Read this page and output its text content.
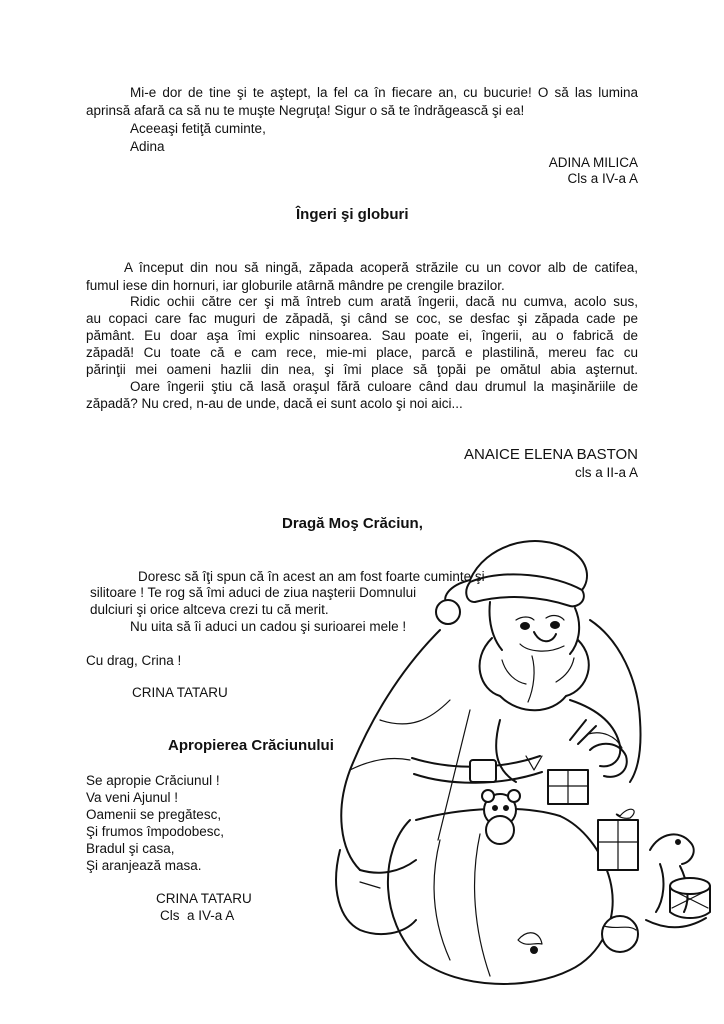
Mi-e dor de tine şi te aştept, la fel ca în fiecare an, cu bucurie! O să las lumina
aprinsă afară ca să nu te muşte Negruţa! Sigur o să te îndrăgească şi ea!
Aceeaşi fetiţă cuminte,
Adina
ADINA MILICA
Cls a IV-a A
Îngeri şi globuri
A început din nou să ningă, zăpada acoperă străzile cu un covor alb de catifea,
fumul iese din hornuri, iar globurile atârnă mândre pe crengile brazilor.
Ridic ochii către cer şi mă întreb cum arată îngerii, dacă nu cumva, acolo sus,
au copaci care fac muguri de zăpadă, şi când se coc, se desfac şi zăpada cade pe
pământ. Eu doar aşa îmi explic ninsoarea. Sau poate ei, îngerii, au o fabrică de
zăpadă! Cu toate că e cam rece, mie-mi place, parcă e plastilină, mereu fac cu
părinţii mei oameni hazlii din nea, şi îmi place să ţopăi pe omătul abia aşternut.
Oare îngerii ştiu că lasă oraşul fără culoare când dau drumul la maşinăriile de
zăpadă? Nu cred, n-au de unde, dacă ei sunt acolo şi noi aici...
ANAICE ELENA BASTON
cls a II-a A
Dragă Moş Crăciun,
Doresc să îţi spun că în acest an am fost foarte cuminte şi
silitoare ! Te rog să îmi aduci de ziua naşterii Domnului
dulciuri şi orice altceva crezi tu că merit.
Nu uita să îi aduci un cadou şi surioarei mele !
Cu drag, Crina !
CRINA TATARU
Apropierea Crăciunului
Se apropie Crăciunul !
Va veni Ajunul !
Oamenii se pregătesc,
Şi frumos împodobesc,
Bradul şi casa,
Şi aranjează masa.
CRINA TATARU
Cls  a IV-a A
